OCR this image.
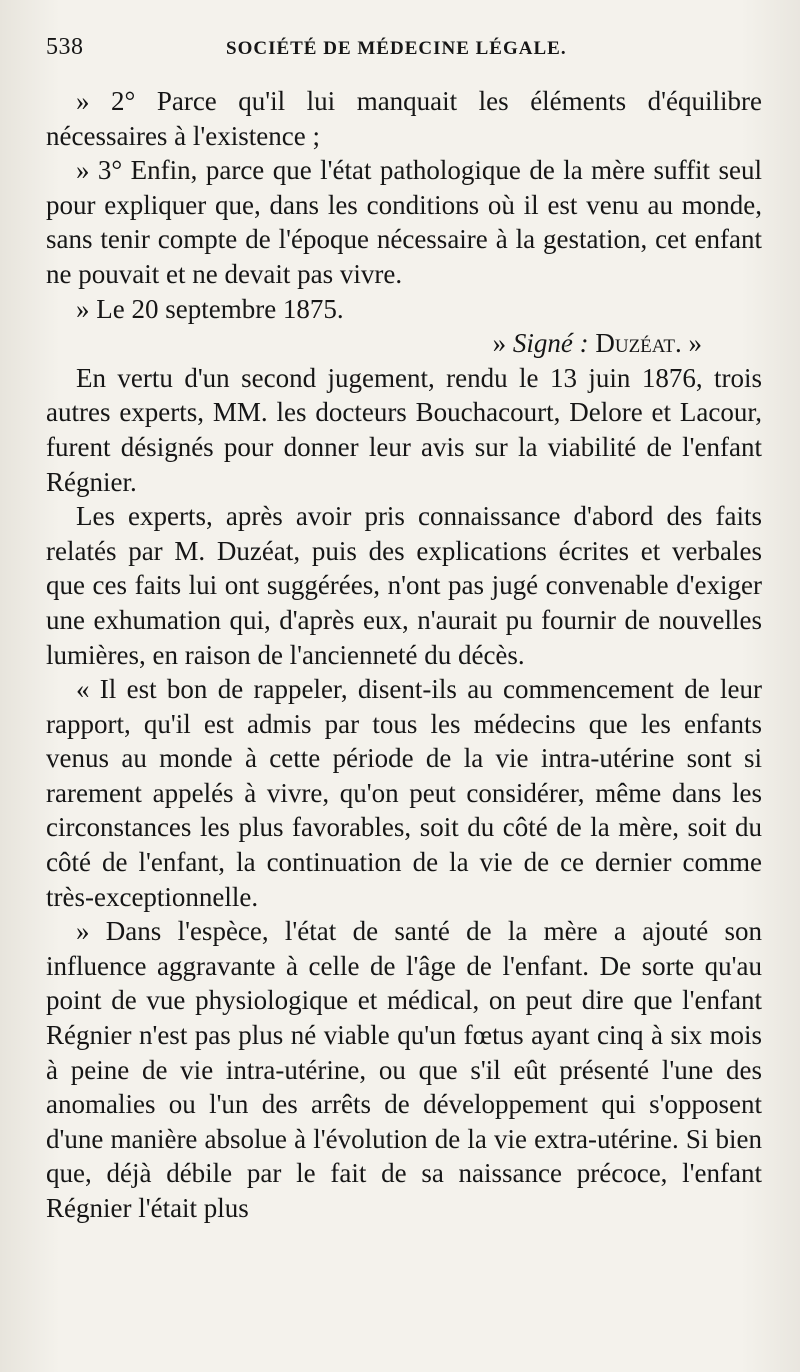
538	SOCIÉTÉ DE MÉDECINE LÉGALE.

» 2° Parce qu'il lui manquait les éléments d'équilibre nécessaires à l'existence ;

» 3° Enfin, parce que l'état pathologique de la mère suffit seul pour expliquer que, dans les conditions où il est venu au monde, sans tenir compte de l'époque nécessaire à la gestation, cet enfant ne pouvait et ne devait pas vivre.

» Le 20 septembre 1875.

» Signé : Duzéat. »

En vertu d'un second jugement, rendu le 13 juin 1876, trois autres experts, MM. les docteurs Bouchacourt, Delore et Lacour, furent désignés pour donner leur avis sur la viabilité de l'enfant Régnier.

Les experts, après avoir pris connaissance d'abord des faits relatés par M. Duzéat, puis des explications écrites et verbales que ces faits lui ont suggérées, n'ont pas jugé convenable d'exiger une exhumation qui, d'après eux, n'aurait pu fournir de nouvelles lumières, en raison de l'ancienneté du décès.

« Il est bon de rappeler, disent-ils au commencement de leur rapport, qu'il est admis par tous les médecins que les enfants venus au monde à cette période de la vie intra-utérine sont si rarement appelés à vivre, qu'on peut considérer, même dans les circonstances les plus favorables, soit du côté de la mère, soit du côté de l'enfant, la continuation de la vie de ce dernier comme très-exceptionnelle.

» Dans l'espèce, l'état de santé de la mère a ajouté son influence aggravante à celle de l'âge de l'enfant. De sorte qu'au point de vue physiologique et médical, on peut dire que l'enfant Régnier n'est pas plus né viable qu'un fœtus ayant cinq à six mois à peine de vie intra-utérine, ou que s'il eût présenté l'une des anomalies ou l'un des arrêts de développement qui s'opposent d'une manière absolue à l'évolution de la vie extra-utérine. Si bien que, déjà débile par le fait de sa naissance précoce, l'enfant Régnier l'était plus
